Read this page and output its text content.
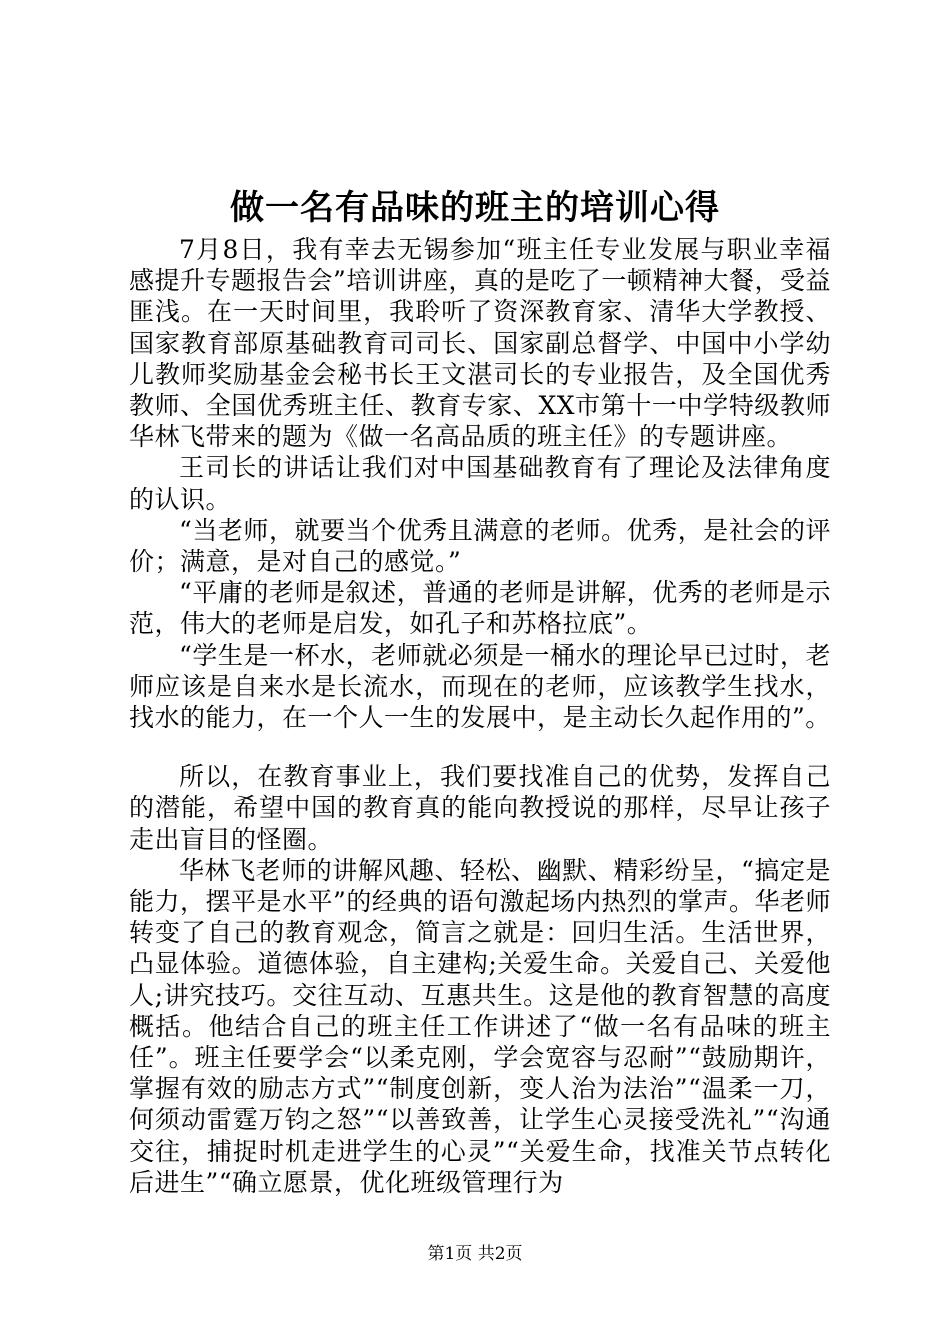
做一名有品味的班主的培训心得

7月8日，我有幸去无锡参加“班主任专业发展与职业幸福感提升专题报告会”培训讲座，真的是吃了一顿精神大餐，受益匪浅。在一天时间里，我聆听了资深教育家、清华大学教授、国家教育部原基础教育司司长、国家副总督学、中国中小学幼儿教师奖励基金会秘书长王文湛司长的专业报告，及全国优秀教师、全国优秀班主任、教育专家、XX市第十一中学特级教师华林飞带来的题为《做一名高品质的班主任》的专题讲座。

王司长的讲话让我们对中国基础教育有了理论及法律角度的认识。

“当老师，就要当个优秀且满意的老师。优秀，是社会的评价；满意，是对自己的感觉。”

“平庸的老师是叙述，普通的老师是讲解，优秀的老师是示范，伟大的老师是启发，如孔子和苏格拉底”。

“学生是一杯水，老师就必须是一桶水的理论早已过时，老师应该是自来水是长流水，而现在的老师，应该教学生找水，找水的能力，在一个人一生的发展中，是主动长久起作用的”。

所以，在教育事业上，我们要找准自己的优势，发挥自己的潜能，希望中国的教育真的能向教授说的那样，尽早让孩子走出盲目的怪圈。

华林飞老师的讲解风趣、轻松、幽默、精彩纷呈，“搞定是能力，摆平是水平”的经典的语句激起场内热烈的掌声。华老师转变了自己的教育观念，简言之就是：回归生活。生活世界，凸显体验。道德体验，自主建构;关爱生命。关爱自己、关爱他人;讲究技巧。交往互动、互惠共生。这是他的教育智慧的高度概括。他结合自己的班主任工作讲述了“做一名有品味的班主任”。班主任要学会“以柔克刚，学会宽容与忍耐”“鼓励期许，掌握有效的励志方式”“制度创新，变人治为法治”“温柔一刀，何须动雷霆万钧之怒”“以善致善，让学生心灵接受洗礼”“沟通交往，捕捉时机走进学生的心灵”“关爱生命，找准关节点转化后进生”“确立愿景，优化班级管理行为

第1页 共2页
